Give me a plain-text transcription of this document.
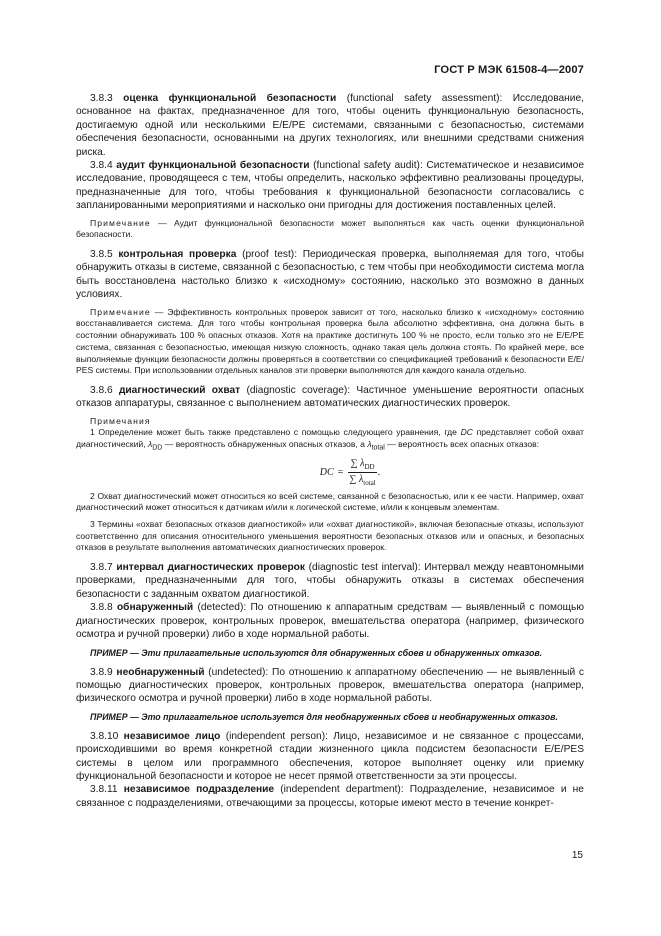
ГОСТ Р МЭК 61508-4—2007

3.8.3 оценка функциональной безопасности (functional safety assessment): Исследование, основанное на фактах, предназначенное для того, чтобы оценить функциональную безопасность, достигаемую одной или несколькими Е/Е/РЕ системами, связанными с безопасностью, системами обеспечения безопасности, основанными на других технологиях, или внешними средствами снижения риска.

3.8.4 аудит функциональной безопасности (functional safety audit): Систематическое и независимое исследование, проводящееся с тем, чтобы определить, насколько эффективно реализованы процедуры, предназначенные для того, чтобы требования к функциональной безопасности согласовались с запланированными мероприятиями и насколько они пригодны для достижения поставленных целей.

Примечание — Аудит функциональной безопасности может выполняться как часть оценки функциональной безопасности.

3.8.5 контрольная проверка (proof test): Периодическая проверка, выполняемая для того, чтобы обнаружить отказы в системе, связанной с безопасностью, с тем чтобы при необходимости система могла быть восстановлена настолько близко к «исходному» состоянию, насколько это возможно в данных условиях.

Примечание — Эффективность контрольных проверок зависит от того, насколько близко к «исходному» состоянию восстанавливается система. Для того чтобы контрольная проверка была абсолютно эффективна, она должна быть в состоянии обнаруживать 100 % опасных отказов. Хотя на практике достигнуть 100 % не просто, если только это не Е/Е/РЕ система, связанная с безопасностью, имеющая низкую сложность, однако такая цель должна стоять. По крайней мере, все выполняемые функции безопасности должны проверяться в соответствии со спецификацией требований к безопасности Е/Е/РЕS системы. При использовании отдельных каналов эти проверки выполняются для каждого канала отдельно.

3.8.6 диагностический охват (diagnostic coverage): Частичное уменьшение вероятности опасных отказов аппаратуры, связанное с выполнением автоматических диагностических проверок.

Примечания

1 Определение может быть также представлено с помощью следующего уравнения, где DC представляет собой охват диагностический, $\lambda_{DD}$ — вероятность обнаруженных опасных отказов, а $\lambda_{total}$ — вероятность всех опасных отказов:

DC = $\frac{\sum \lambda_{DD}}{\sum \lambda_{total}}$ .

2 Охват диагностический может относиться ко всей системе, связанной с безопасностью, или к ее части. Например, охват диагностический может относиться к датчикам и/или к логической системе, и/или к концевым элементам.

3 Термины «охват безопасных отказов диагностикой» или «охват диагностикой», включая безопасные отказы, используют соответственно для описания относительного уменьшения вероятности безопасных отказов или и опасных, и безопасных отказов в результате выполнения автоматических диагностических проверок.

3.8.7 интервал диагностических проверок (diagnostic test interval): Интервал между неавтономными проверками, предназначенными для того, чтобы обнаружить отказы в системах обеспечения безопасности с заданным охватом диагностикой.

3.8.8 обнаруженный (detected): По отношению к аппаратным средствам — выявленный с помощью диагностических проверок, контрольных проверок, вмешательства оператора (например, физического осмотра и ручной проверки) либо в ходе нормальной работы.

ПРИМЕР — Эти прилагательные используются для обнаруженных сбоев и обнаруженных отказов.

3.8.9 необнаруженный (undetected): По отношению к аппаратному обеспечению — не выявленный с помощью диагностических проверок, контрольных проверок, вмешательства оператора (например, физического осмотра и ручной проверки) либо в ходе нормальной работы.

ПРИМЕР — Это прилагательное используется для необнаруженных сбоев и необнаруженных отказов.

3.8.10 независимое лицо (independent person): Лицо, независимое и не связанное с процессами, происходившими во время конкретной стадии жизненного цикла подсистем безопасности Е/Е/РЕS системы в целом или программного обеспечения, которое выполняет оценку или приемку функциональной безопасности и которое не несет прямой ответственности за эти процессы.

3.8.11 независимое подразделение (independent department): Подразделение, независимое и не связанное с подразделениями, отвечающими за процессы, которые имеют место в течение конкрет-

15
